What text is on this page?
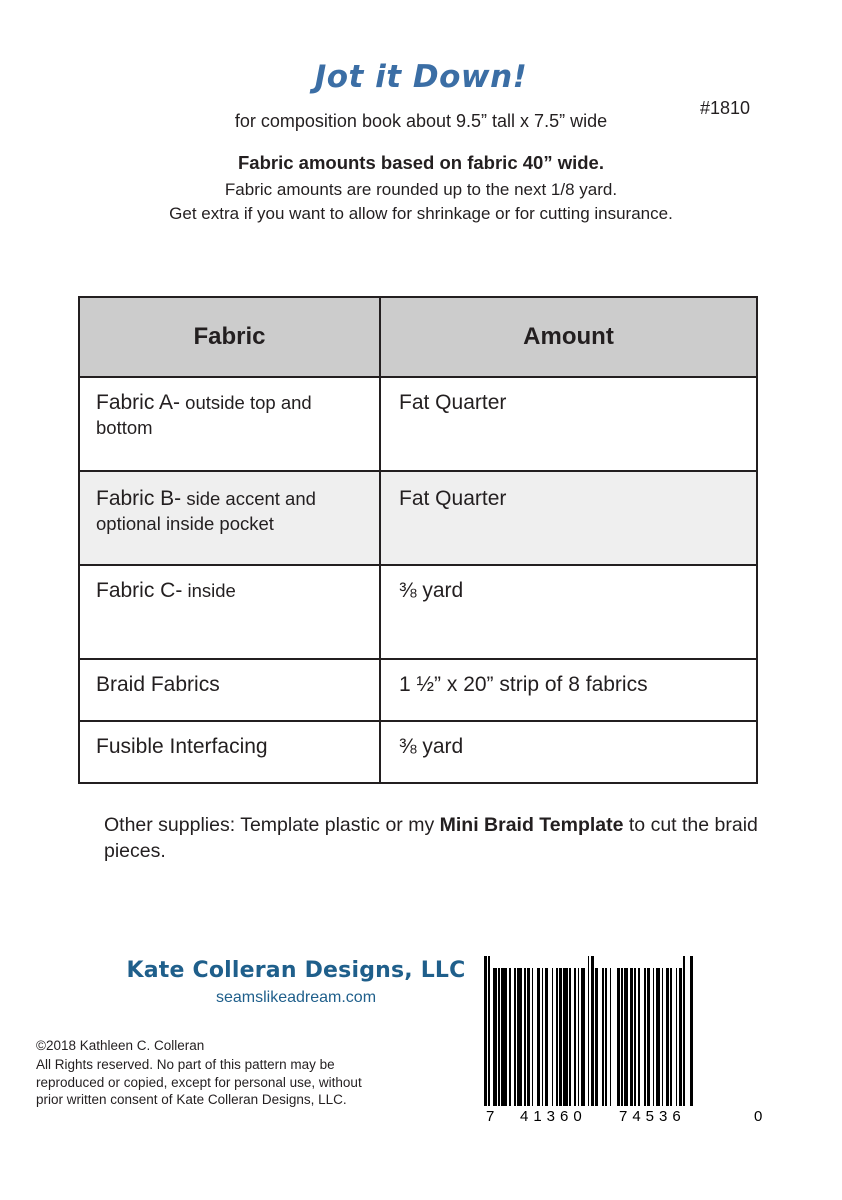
Jot it Down!
for composition book about 9.5” tall x 7.5” wide
Fabric amounts based on fabric 40” wide.
Fabric amounts are rounded up to the next 1/8 yard.
Get extra if you want to allow for shrinkage or for cutting insurance.
#1810
Fabric	Amount

Fabric A- outside top and bottom	Fat Quarter

Fabric B- side accent and optional inside pocket	Fat Quarter

Fabric C- inside	⅜ yard

Braid Fabrics	1 ½” x 20” strip of 8 fabrics

Fusible Interfacing	⅜ yard
Other supplies: Template plastic or my Mini Braid Template to cut the braid pieces.
Kate Colleran Designs, LLC
seamslikeadream.com
©2018 Kathleen C. Colleran
All Rights reserved. No part of this pattern may be
reproduced or copied, except for personal use, without
prior written consent of Kate Colleran Designs, LLC.
7 41360 74536	0
